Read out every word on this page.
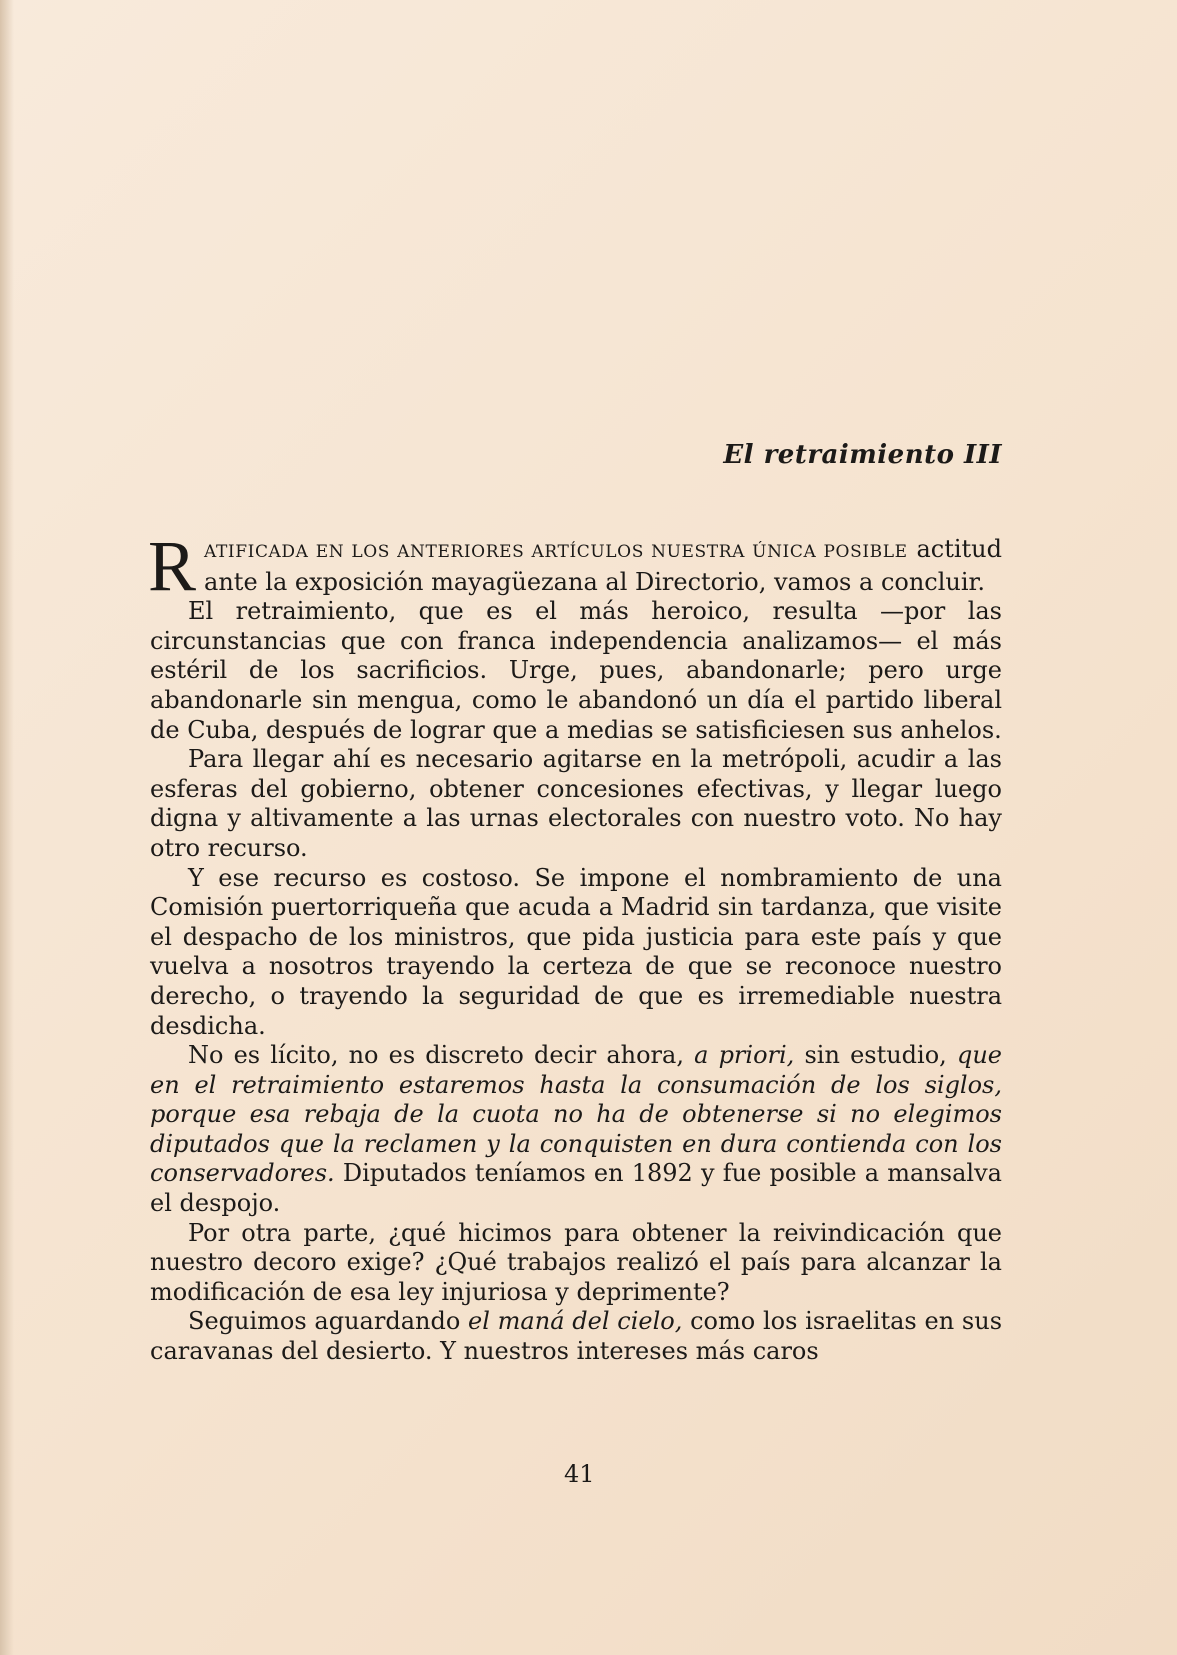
El retraimiento III

RATIFICADA EN LOS ANTERIORES ARTÍCULOS NUESTRA ÚNICA POSIBLE actitud ante la exposición mayagüezana al Directorio, vamos a concluir.

El retraimiento, que es el más heroico, resulta —por las circunstancias que con franca independencia analizamos— el más estéril de los sacrificios. Urge, pues, abandonarle; pero urge abandonarle sin mengua, como le abandonó un día el partido liberal de Cuba, después de lograr que a medias se satisficiesen sus anhelos.

Para llegar ahí es necesario agitarse en la metrópoli, acudir a las esferas del gobierno, obtener concesiones efectivas, y llegar luego digna y altivamente a las urnas electorales con nuestro voto. No hay otro recurso.

Y ese recurso es costoso. Se impone el nombramiento de una Comisión puertorriqueña que acuda a Madrid sin tardanza, que visite el despacho de los ministros, que pida justicia para este país y que vuelva a nosotros trayendo la certeza de que se reconoce nuestro derecho, o trayendo la seguridad de que es irremediable nuestra desdicha.

No es lícito, no es discreto decir ahora, a priori, sin estudio, que en el retraimiento estaremos hasta la consumación de los siglos, porque esa rebaja de la cuota no ha de obtenerse si no elegimos diputados que la reclamen y la conquisten en dura contienda con los conservadores. Diputados teníamos en 1892 y fue posible a mansalva el despojo.

Por otra parte, ¿qué hicimos para obtener la reivindicación que nuestro decoro exige? ¿Qué trabajos realizó el país para alcanzar la modificación de esa ley injuriosa y deprimente?

Seguimos aguardando el maná del cielo, como los israelitas en sus caravanas del desierto. Y nuestros intereses más caros

41
